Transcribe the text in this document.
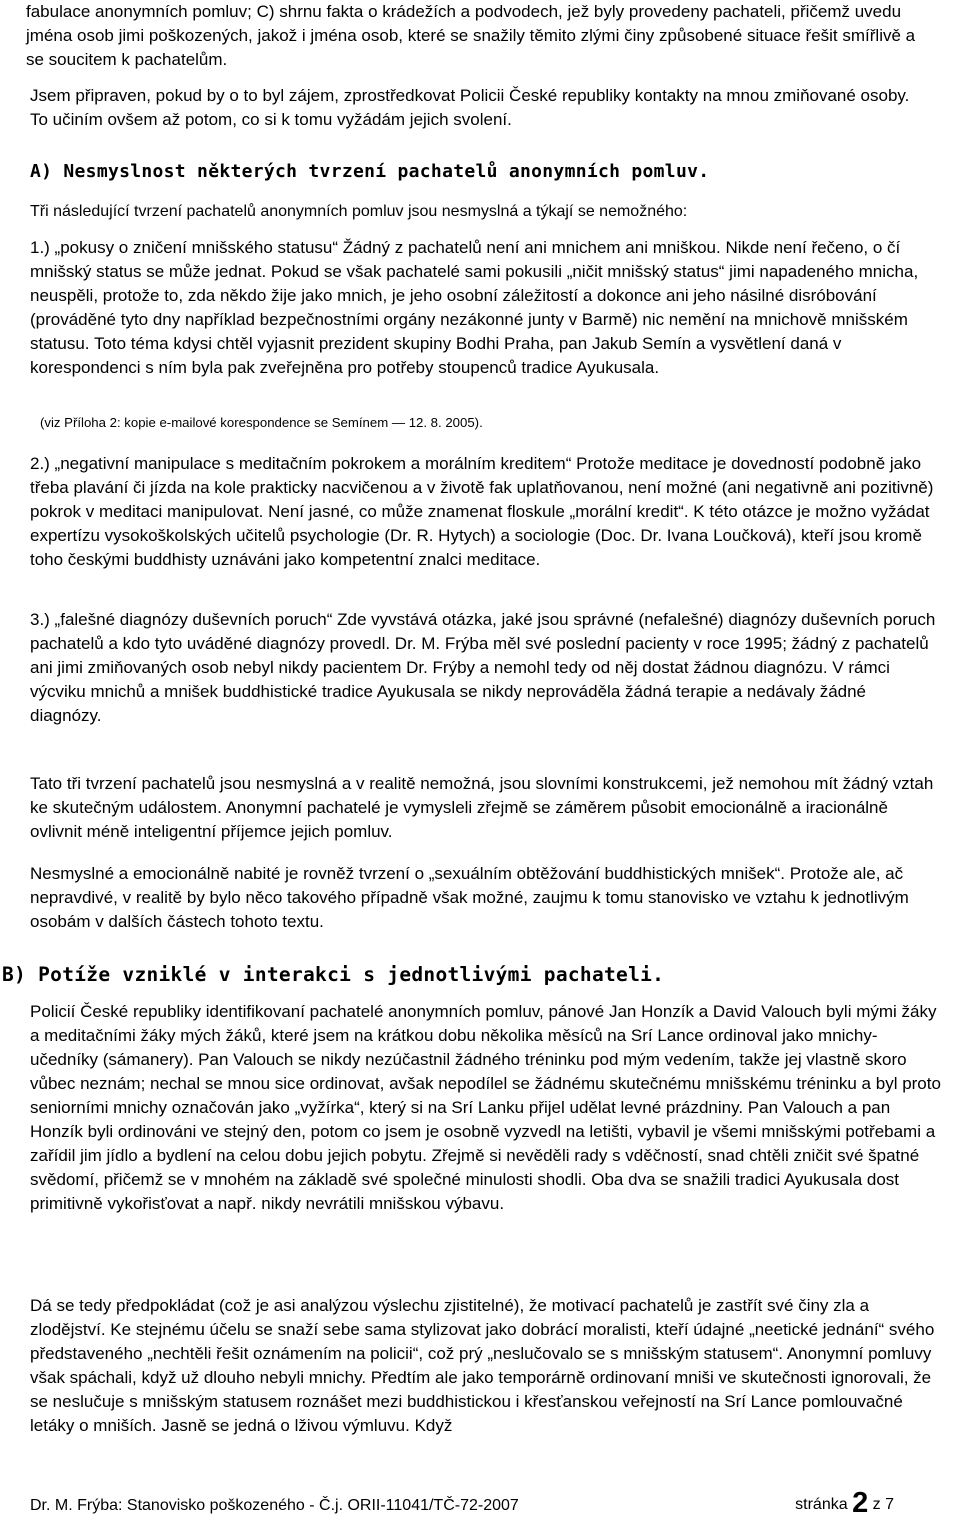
fabulace anonymních pomluv; C) shrnu fakta o krádežích a podvodech, jež byly provedeny pachateli, přičemž uvedu jména osob jimi poškozených, jakož i jména osob, které se snažily těmito zlými činy způsobené situace řešit smířlivě a se soucitem k pachatelům.

Jsem připraven, pokud by o to byl zájem, zprostředkovat Policii České republiky kontakty na mnou zmiňované osoby. To učiním ovšem až potom, co si k tomu vyžádám jejich svolení.

A) Nesmyslnost některých tvrzení pachatelů anonymních pomluv.

Tři následující tvrzení pachatelů anonymních pomluv jsou nesmyslná a týkají se nemožného:

1.) „pokusy o zničení mnišského statusu“ Žádný z pachatelů není ani mnichem ani mniškou. Nikde není řečeno, o čí mnišský status se může jednat. Pokud se však pachatelé sami pokusili „ničit mnišský status“ jimi napadeného mnicha, neuspěli, protože to, zda někdo žije jako mnich, je jeho osobní záležitostí a dokonce ani jeho násilné disróbování (prováděné tyto dny například bezpečnostními orgány nezákonné junty v Barmě) nic nemění na mnichově mnišském statusu. Toto téma kdysi chtěl vyjasnit prezident skupiny Bodhi Praha, pan Jakub Semín a vysvětlení daná v korespondenci s ním byla pak zveřejněna pro potřeby stoupenců tradice Ayukusala.

(viz Příloha 2: kopie e-mailové korespondence se Semínem — 12. 8. 2005).

2.) „negativní manipulace s meditačním pokrokem a morálním kreditem“ Protože meditace je dovedností podobně jako třeba plavání či jízda na kole prakticky nacvičenou a v životě fak uplatňovanou, není možné (ani negativně ani pozitivně) pokrok v meditaci manipulovat. Není jasné, co může znamenat floskule „morální kredit“. K této otázce je možno vyžádat expertízu vysokoškolských učitelů psychologie (Dr. R. Hytych) a sociologie (Doc. Dr. Ivana Loučková), kteří jsou kromě toho českými buddhisty uznáváni jako kompetentní znalci meditace.

3.) „falešné diagnózy duševních poruch“ Zde vyvstává otázka, jaké jsou správné (nefalešné) diagnózy duševních poruch pachatelů a kdo tyto uváděné diagnózy provedl. Dr. M. Frýba měl své poslední pacienty v roce 1995; žádný z pachatelů ani jimi zmiňovaných osob nebyl nikdy pacientem Dr. Frýby a nemohl tedy od něj dostat žádnou diagnózu. V rámci výcviku mnichů a mnišek buddhistické tradice Ayukusala se nikdy neprováděla žádná terapie a nedávaly žádné diagnózy.

Tato tři tvrzení pachatelů jsou nesmyslná a v realitě nemožná, jsou slovními konstrukcemi, jež nemohou mít žádný vztah ke skutečným událostem. Anonymní pachatelé je vymysleli zřejmě se záměrem působit emocionálně a iracionálně ovlivnit méně inteligentní příjemce jejich pomluv.

Nesmyslné a emocionálně nabité je rovněž tvrzení o „sexuálním obtěžování buddhistických mnišek“. Protože ale, ač nepravdivé, v realitě by bylo něco takového případně však možné, zaujmu k tomu stanovisko ve vztahu k jednotlivým osobám v dalších částech tohoto textu.

B) Potíže vzniklé v interakci s jednotlivými pachateli.

Policií České republiky identifikovaní pachatelé anonymních pomluv, pánové Jan Honzík a David Valouch byli mými žáky a meditačními žáky mých žáků, které jsem na krátkou dobu několika měsíců na Srí Lance ordinoval jako mnichy-učedníky (sámanery). Pan Valouch se nikdy nezúčastnil žádného tréninku pod mým vedením, takže jej vlastně skoro vůbec neznám; nechal se mnou sice ordinovat, avšak nepodílel se žádnému skutečnému mnišskému tréninku a byl proto seniorními mnichy označován jako „vyžírka“, který si na Srí Lanku přijel udělat levné prázdniny. Pan Valouch a pan Honzík byli ordinováni ve stejný den, potom co jsem je osobně vyzvedl na letišti, vybavil je všemi mnišskými potřebami a zařídil jim jídlo a bydlení na celou dobu jejich pobytu. Zřejmě si nevěděli rady s vděčností, snad chtěli zničit své špatné svědomí, přičemž se v mnohém na základě své společné minulosti shodli. Oba dva se snažili tradici Ayukusala dost primitivně vykořisťovat a např. nikdy nevrátili mnišskou výbavu.

Dá se tedy předpokládat (což je asi analýzou výslechu zjistitelné), že motivací pachatelů je zastřít své činy zla a zlodějství. Ke stejnému účelu se snaží sebe sama stylizovat jako dobrácí moralisti, kteří údajné „neetické jednání“ svého představeného „nechtěli řešit oznámením na policii“, což prý „neslučovalo se s mnišským statusem“. Anonymní pomluvy však spáchali, když už dlouho nebyli mnichy. Předtím ale jako temporárně ordinovaní mniši ve skutečnosti ignorovali, že se neslučuje s mnišským statusem roznášet mezi buddhistickou i křesťanskou veřejností na Srí Lance pomlouvačné letáky o mniších. Jasně se jedná o lživou výmluvu. Když

Dr. M. Frýba: Stanovisko poškozeného - Č.j. ORII-11041/TČ-72-2007	stránka 2 z 7
